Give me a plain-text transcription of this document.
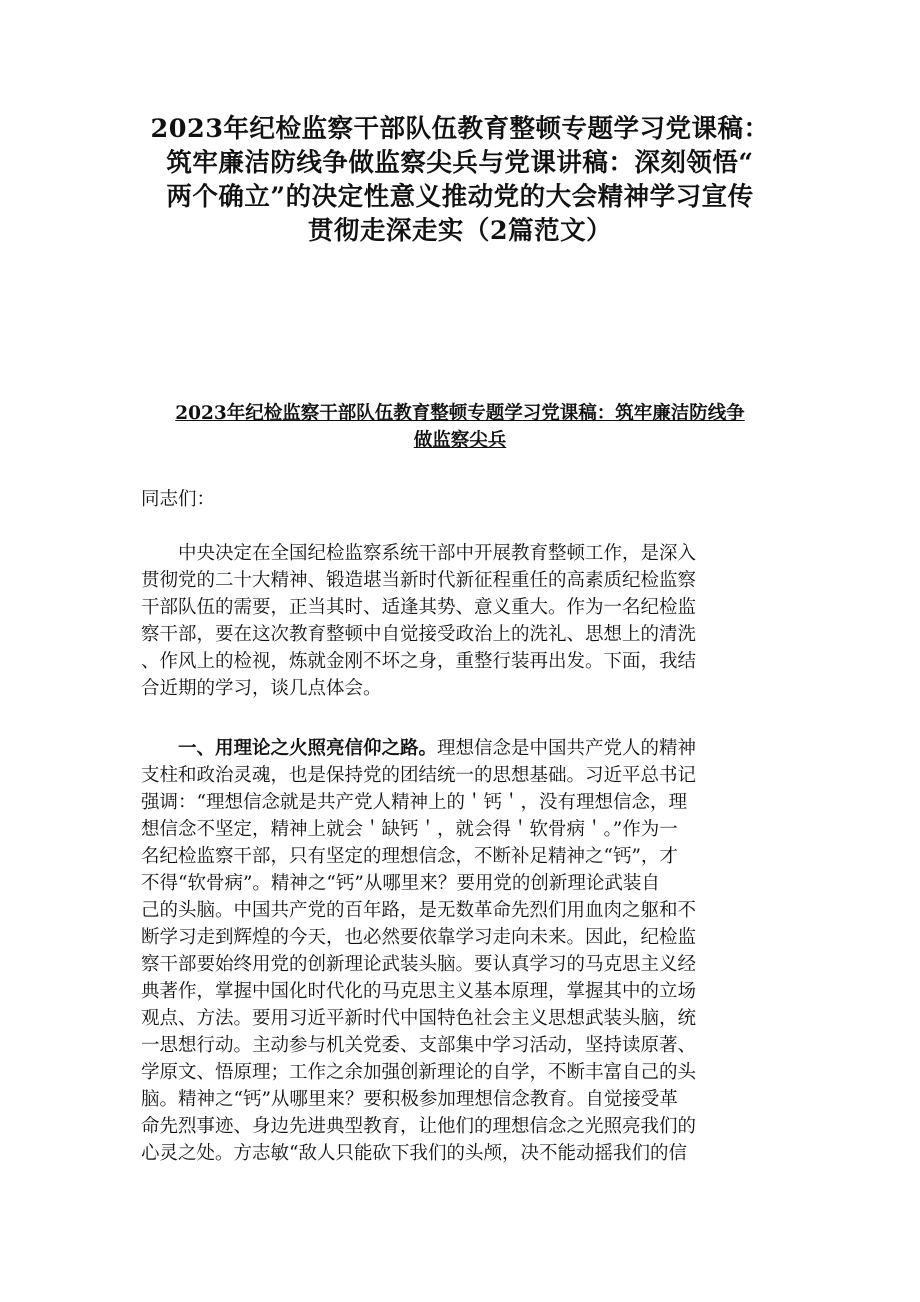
2023年纪检监察干部队伍教育整顿专题学习党课稿：
筑牢廉洁防线争做监察尖兵与党课讲稿：深刻领悟“
两个确立”的决定性意义推动党的大会精神学习宣传
贯彻走深走实（2篇范文）
2023年纪检监察干部队伍教育整顿专题学习党课稿：筑牢廉洁防线争
做监察尖兵

同志们：

　　中央决定在全国纪检监察系统干部中开展教育整顿工作，是深入
贯彻党的二十大精神、锻造堪当新时代新征程重任的高素质纪检监察
干部队伍的需要，正当其时、适逢其势、意义重大。作为一名纪检监
察干部，要在这次教育整顿中自觉接受政治上的洗礼、思想上的清洗
、作风上的检视，炼就金刚不坏之身，重整行装再出发。下面，我结
合近期的学习，谈几点体会。

　　一、用理论之火照亮信仰之路。理想信念是中国共产党人的精神
支柱和政治灵魂，也是保持党的团结统一的思想基础。习近平总书记
强调：“理想信念就是共产党人精神上的＇钙＇，没有理想信念，理
想信念不坚定，精神上就会＇缺钙＇，就会得＇软骨病＇。”作为一
名纪检监察干部，只有坚定的理想信念，不断补足精神之“钙”，才
不得“软骨病”。精神之“钙”从哪里来？要用党的创新理论武装自
己的头脑。中国共产党的百年路，是无数革命先烈们用血肉之躯和不
断学习走到辉煌的今天，也必然要依靠学习走向未来。因此，纪检监
察干部要始终用党的创新理论武装头脑。要认真学习的马克思主义经
典著作，掌握中国化时代化的马克思主义基本原理，掌握其中的立场
观点、方法。要用习近平新时代中国特色社会主义思想武装头脑，统
一思想行动。主动参与机关党委、支部集中学习活动，坚持读原著、
学原文、悟原理；工作之余加强创新理论的自学，不断丰富自己的头
脑。精神之“钙”从哪里来？要积极参加理想信念教育。自觉接受革
命先烈事迹、身边先进典型教育，让他们的理想信念之光照亮我们的
心灵之处。方志敏“敌人只能砍下我们的头颅，决不能动摇我们的信
